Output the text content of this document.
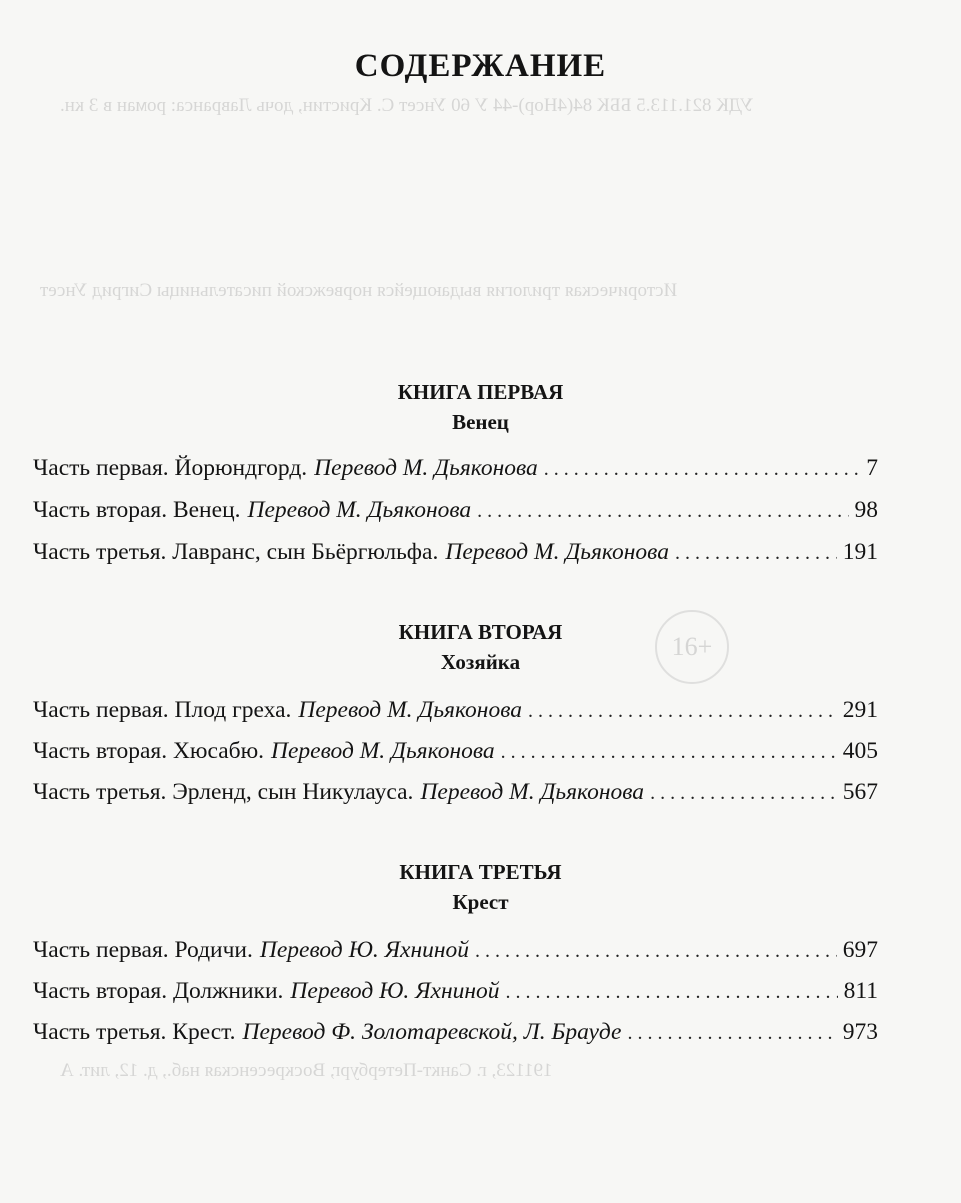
УДК 821.113.5 ББК 84(4Нор)-44 У 60 Унсет С. Кристин, дочь Лавранса: роман в 3 кн.
Историческая трилогия выдающейся норвежской писательницы Сигрид Унсет
191123, г. Санкт-Петербург, Воскресенская наб., д. 12, лит. А
16+
СОДЕРЖАНИЕ
КНИГА ПЕРВАЯ
Венец
Часть первая. Йорюндгорд. Перевод М. Дьяконова . . .	7
Часть вторая. Венец. Перевод М. Дьяконова . . .	98
Часть третья. Лавранс, сын Бьёргюльфа. Перевод М. Дьяконова . . .	191
КНИГА ВТОРАЯ
Хозяйка
Часть первая. Плод греха. Перевод М. Дьяконова . . .	291
Часть вторая. Хюсабю. Перевод М. Дьяконова . . .	405
Часть третья. Эрленд, сын Никулауса. Перевод М. Дьяконова . . .	567
КНИГА ТРЕТЬЯ
Крест
Часть первая. Родичи. Перевод Ю. Яхниной . . .	697
Часть вторая. Должники. Перевод Ю. Яхниной . . .	811
Часть третья. Крест. Перевод Ф. Золотаревской, Л. Брауде . . .	973
